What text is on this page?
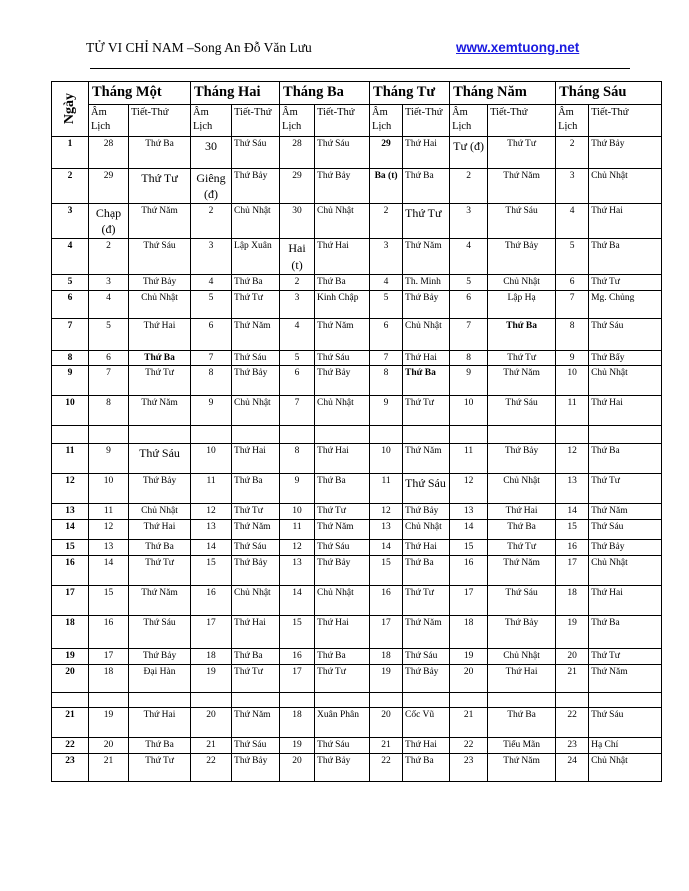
TỬ VI CHỈ NAM –Song An Đỗ Văn Lưu	www.xemtuong.net
Ngày	Tháng Một		Tháng Hai		Tháng Ba		Tháng Tư		Tháng Năm		Tháng Sáu	
	Âm Lịch	Tiết-Thứ	Âm Lịch	Tiết-Thứ	Âm Lịch	Tiết-Thứ	Âm Lịch	Tiết-Thứ	Âm Lịch	Tiết-Thứ	Âm Lịch	Tiết-Thứ
1	28	Thứ Ba	30	Thứ Sáu	28	Thứ Sáu	29	Thứ Hai	Tư (đ)	Thứ Tư	2	Thứ Bảy
2	29	Thứ Tư	Giêng (đ)	Thứ Bảy	29	Thứ Bảy	Ba (t)	Thứ Ba	2	Thứ Năm	3	Chủ Nhật
3	Chạp (đ)	Thứ Năm	2	Chủ Nhật	30	Chủ Nhật	2	Thứ Tư	3	Thứ Sáu	4	Thứ Hai
4	2	Thứ Sáu	3	Lập Xuân	Hai (t)	Thứ Hai	3	Thứ Năm	4	Thứ Bảy	5	Thứ Ba
5	3	Thứ Bảy	4	Thứ Ba	2	Thứ Ba	4	Th. Minh	5	Chủ Nhật	6	Thứ Tư
6	4	Chủ Nhật	5	Thứ Tư	3	Kinh Chập	5	Thứ Bảy	6	Lập Hạ	7	Mg. Chủng
7	5	Thứ Hai	6	Thứ Năm	4	Thứ Năm	6	Chủ Nhật	7	Thứ Ba	8	Thứ Sáu
8	6	Thứ Ba	7	Thứ Sáu	5	Thứ Sáu	7	Thứ Hai	8	Thứ Tư	9	Thứ Bẩy
9	7	Thứ Tư	8	Thứ Bảy	6	Thứ Bảy	8	Thứ Ba	9	Thứ Năm	10	Chủ Nhật
10	8	Thứ Năm	9	Chủ Nhật	7	Chủ Nhật	9	Thứ Tư	10	Thứ Sáu	11	Thứ Hai

11	9	Thứ Sáu	10	Thứ Hai	8	Thứ Hai	10	Thứ Năm	11	Thứ Bảy	12	Thứ Ba
12	10	Thứ Bảy	11	Thứ Ba	9	Thứ Ba	11	Thứ Sáu	12	Chủ Nhật	13	Thứ Tư
13	11	Chủ Nhật	12	Thứ Tư	10	Thứ Tư	12	Thứ Bảy	13	Thứ Hai	14	Thứ Năm
14	12	Thứ Hai	13	Thứ Năm	11	Thứ Năm	13	Chủ Nhật	14	Thứ Ba	15	Thứ Sáu
15	13	Thứ Ba	14	Thứ Sáu	12	Thứ Sáu	14	Thứ Hai	15	Thứ Tư	16	Thứ Bảy
16	14	Thứ Tư	15	Thứ Bảy	13	Thứ Bảy	15	Thứ Ba	16	Thứ Năm	17	Chủ Nhật
17	15	Thứ Năm	16	Chủ Nhật	14	Chủ Nhật	16	Thứ Tư	17	Thứ Sáu	18	Thứ Hai
18	16	Thứ Sáu	17	Thứ Hai	15	Thứ Hai	17	Thứ Năm	18	Thứ Bảy	19	Thứ Ba
19	17	Thứ Bảy	18	Thứ Ba	16	Thứ Ba	18	Thứ Sáu	19	Chủ Nhật	20	Thứ Tư
20	18	Đại Hàn	19	Thứ Tư	17	Thứ Tư	19	Thứ Bảy	20	Thứ Hai	21	Thứ Năm

21	19	Thứ Hai	20	Thứ Năm	18	Xuân Phân	20	Cốc Vũ	21	Thứ Ba	22	Thứ Sáu
22	20	Thứ Ba	21	Thứ Sáu	19	Thứ Sáu	21	Thứ Hai	22	Tiểu Mãn	23	Hạ Chí
23	21	Thứ Tư	22	Thứ Bảy	20	Thứ Bảy	22	Thứ Ba	23	Thứ Năm	24	Chủ Nhật
